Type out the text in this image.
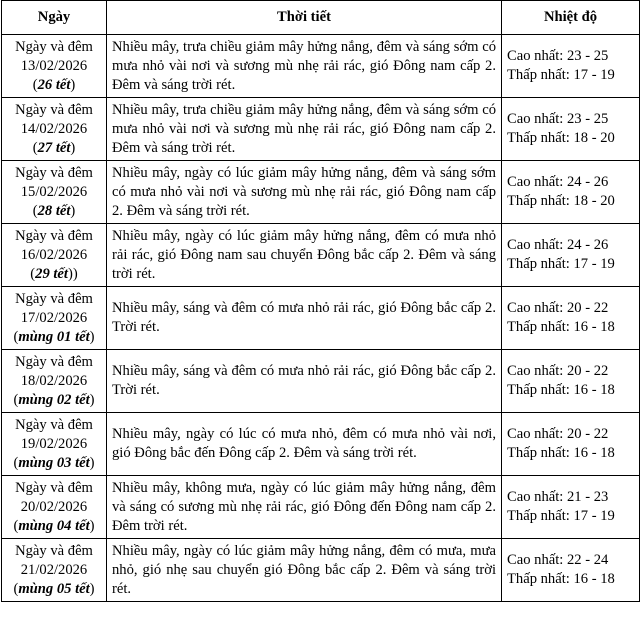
Ngày	Thời tiết	Nhiệt độ

Ngày và đêm
13/02/2026
(26 tết)	Nhiều mây, trưa chiều giảm mây hửng nắng, đêm và sáng sớm có mưa nhỏ vài nơi và sương mù nhẹ rải rác, gió Đông nam cấp 2. Đêm và sáng trời rét.	Cao nhất: 23 - 25
Thấp nhất: 17 - 19

Ngày và đêm
14/02/2026
(27 tết)	Nhiều mây, trưa chiều giảm mây hửng nắng, đêm và sáng sớm có mưa nhỏ vài nơi và sương mù nhẹ rải rác, gió Đông nam cấp 2. Đêm và sáng trời rét.	Cao nhất: 23 - 25
Thấp nhất: 18 - 20

Ngày và đêm
15/02/2026
(28 tết)	Nhiều mây, ngày có lúc giảm mây hửng nắng, đêm và sáng sớm có mưa nhỏ vài nơi và sương mù nhẹ rải rác, gió Đông nam cấp 2. Đêm và sáng trời rét.	Cao nhất: 24 - 26
Thấp nhất: 18 - 20

Ngày và đêm
16/02/2026
(29 tết))	Nhiều mây, ngày có lúc giảm mây hửng nắng, đêm có mưa nhỏ rải rác, gió Đông nam sau chuyển Đông bắc cấp 2. Đêm và sáng trời rét.	Cao nhất: 24 - 26
Thấp nhất: 17 - 19

Ngày và đêm
17/02/2026
(mùng 01 tết)	Nhiều mây, sáng và đêm có mưa nhỏ rải rác, gió Đông bắc cấp 2. Trời rét.	Cao nhất: 20 - 22
Thấp nhất: 16 - 18

Ngày và đêm
18/02/2026
(mùng 02 tết)	Nhiều mây, sáng và đêm có mưa nhỏ rải rác, gió Đông bắc cấp 2. Trời rét.	Cao nhất: 20 - 22
Thấp nhất: 16 - 18

Ngày và đêm
19/02/2026
(mùng 03 tết)	Nhiều mây, ngày có lúc có mưa nhỏ, đêm có mưa nhỏ vài nơi, gió Đông bắc đến Đông cấp 2. Đêm và sáng trời rét.	Cao nhất: 20 - 22
Thấp nhất: 16 - 18

Ngày và đêm
20/02/2026
(mùng 04 tết)	Nhiều mây, không mưa, ngày có lúc giảm mây hửng nắng, đêm và sáng có sương mù nhẹ rải rác, gió Đông đến Đông nam cấp 2. Đêm trời rét.	Cao nhất: 21 - 23
Thấp nhất: 17 - 19

Ngày và đêm
21/02/2026
(mùng 05 tết)	Nhiều mây, ngày có lúc giảm mây hửng nắng, đêm có mưa, mưa nhỏ, gió nhẹ sau chuyển gió Đông bắc cấp 2. Đêm và sáng trời rét.	Cao nhất: 22 - 24
Thấp nhất: 16 - 18
